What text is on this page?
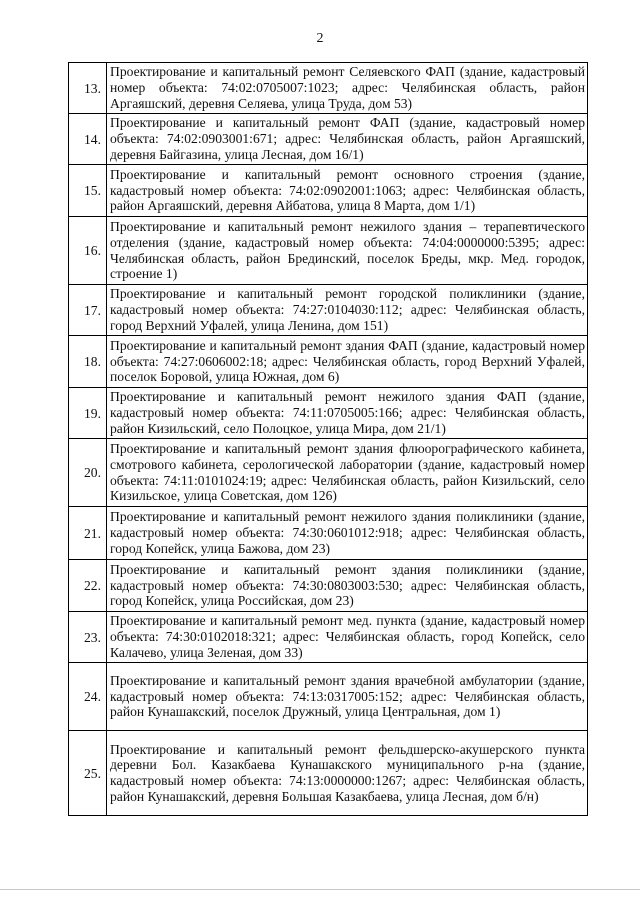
2
13.	Проектирование и капитальный ремонт Селяевского ФАП (здание, кадастровый номер объекта: 74:02:0705007:1023; адрес: Челябинская область, район Аргаяшский, деревня Селяева, улица Труда, дом 53)

14.	Проектирование и капитальный ремонт ФАП (здание, кадастровый номер объекта: 74:02:0903001:671; адрес: Челябинская область, район Аргаяшский, деревня Байгазина, улица Лесная, дом 16/1)

15.	Проектирование и капитальный ремонт основного строения (здание, кадастровый номер объекта: 74:02:0902001:1063; адрес: Челябинская область, район Аргаяшский, деревня Айбатова, улица 8 Марта, дом 1/1)

16.	Проектирование и капитальный ремонт нежилого здания – терапевтического отделения (здание, кадастровый номер объекта: 74:04:0000000:5395; адрес: Челябинская область, район Брединский, поселок Бреды, мкр. Мед. городок, строение 1)

17.	Проектирование и капитальный ремонт городской поликлиники (здание, кадастровый номер объекта: 74:27:0104030:112; адрес: Челябинская область, город Верхний Уфалей, улица Ленина, дом 151)

18.	Проектирование и капитальный ремонт здания ФАП (здание, кадастровый номер объекта: 74:27:0606002:18; адрес: Челябинская область, город Верхний Уфалей, поселок Боровой, улица Южная, дом 6)

19.	Проектирование и капитальный ремонт нежилого здания ФАП (здание, кадастровый номер объекта: 74:11:0705005:166; адрес: Челябинская область, район Кизильский, село Полоцкое, улица Мира, дом 21/1)

20.	Проектирование и капитальный ремонт здания флюорографического кабинета, смотрового кабинета, серологической лаборатории (здание, кадастровый номер объекта: 74:11:0101024:19; адрес: Челябинская область, район Кизильский, село Кизильское, улица Советская, дом 126)

21.	Проектирование и капитальный ремонт нежилого здания поликлиники (здание, кадастровый номер объекта: 74:30:0601012:918; адрес: Челябинская область, город Копейск, улица Бажова, дом 23)

22.	Проектирование и капитальный ремонт здания поликлиники (здание, кадастровый номер объекта: 74:30:0803003:530; адрес: Челябинская область, город Копейск, улица Российская, дом 23)

23.	Проектирование и капитальный ремонт мед. пункта (здание, кадастровый номер объекта: 74:30:0102018:321; адрес: Челябинская область, город Копейск, село Калачево, улица Зеленая, дом 33)

24.	Проектирование и капитальный ремонт здания врачебной амбулатории (здание, кадастровый номер объекта: 74:13:0317005:152; адрес: Челябинская область, район Кунашакский, поселок Дружный, улица Центральная, дом 1)

25.	Проектирование и капитальный ремонт фельдшерско-акушерского пункта деревни Бол. Казакбаева Кунашакского муниципального р-на (здание, кадастровый номер объекта: 74:13:0000000:1267; адрес: Челябинская область, район Кунашакский, деревня Большая Казакбаева, улица Лесная, дом б/н)
